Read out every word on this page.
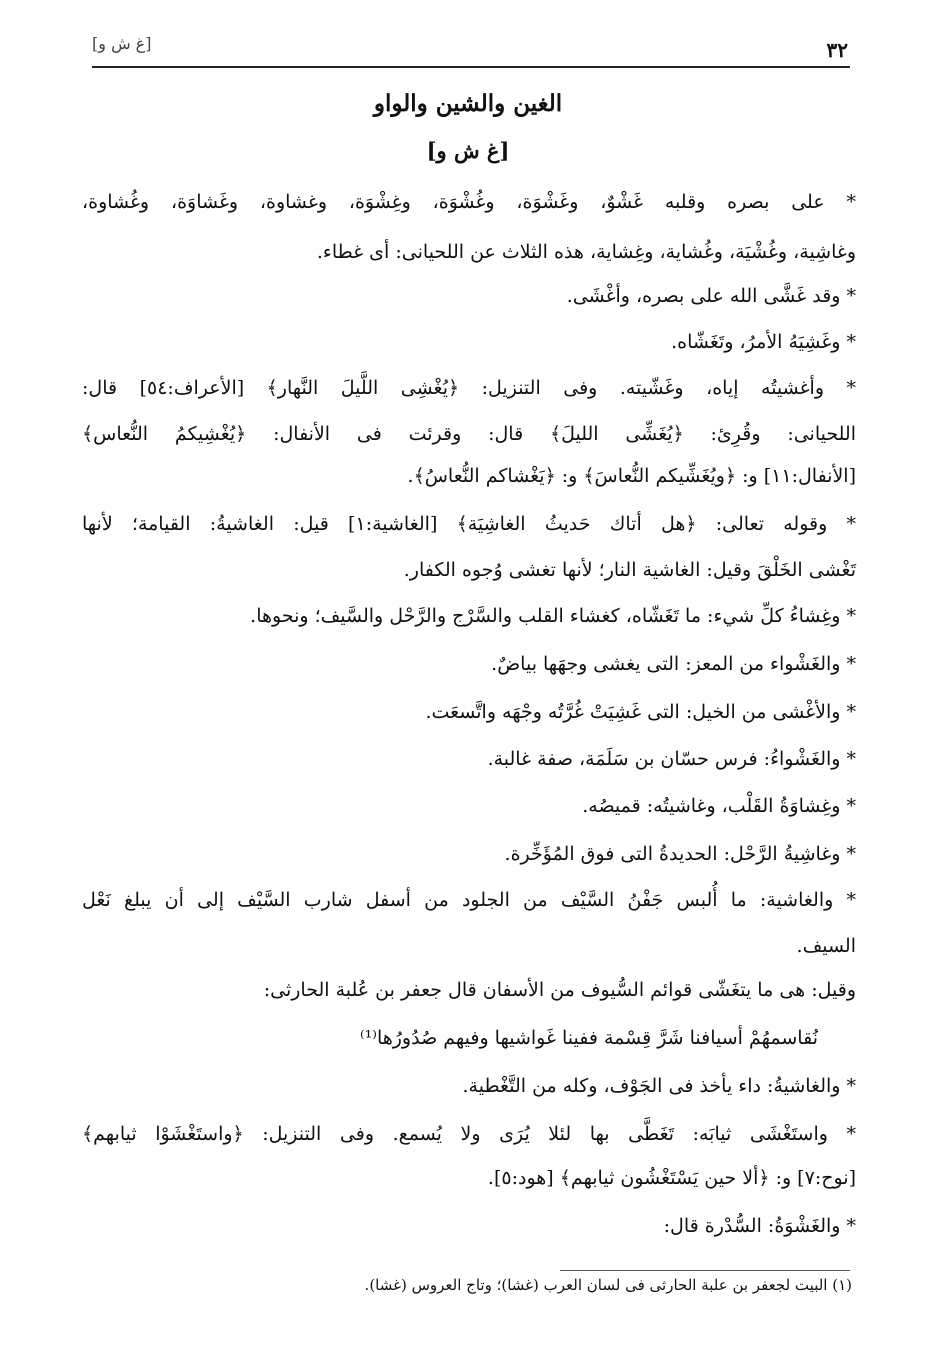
[غ ش و]	٣٢
الغين والشين والواو
[غ ش و]
* على بصره وقلبه غَشْوٌ، وغَشْوَة، وغُشْوَة، وغِشْوَة، وغشاوة، وغَشاوَة، وغُشاوة،
وغاشِية، وغُشْيَة، وغُشاية، وغِشاية، هذه الثلاث عن اللحيانى: أى غطاء.
* وقد غَشَّى الله على بصره، وأغْشَى.
* وغَشِيَهُ الأمرُ، وتَغَشّاه.
* وأغشيتُه إياه، وغَشّيته. وفى التنزيل: ﴿يُغْشِى اللَّيلَ النَّهار﴾ [الأعراف:٥٤] قال:
اللحيانى: وقُرِئ: ﴿يُغَشِّى الليلَ﴾ قال: وقرئت فى الأنفال: ﴿يُغْشِيكمُ النُّعاس﴾
[الأنفال:١١] و: ﴿ويُغَشِّيكم النُّعاسَ﴾ و: ﴿يَغْشاكم النُّعاسُ﴾.
* وقوله تعالى: ﴿هل أتاك حَديثُ الغاشِيَة﴾ [الغاشية:١] قيل: الغاشيةُ: القيامة؛ لأنها
تَغْشى الخَلْقَ وقيل: الغاشية النار؛ لأنها تغشى وُجوه الكفار.
* وغِشاءُ كلِّ شيء: ما تَغَشّاه، كغشاء القلب والسَّرْج والرَّحْل والسَّيف؛ ونحوها.
* والغَشْواء من المعز: التى يغشى وجهَها بياضٌ.
* والأغْشى من الخيل: التى غَشِيَتْ غُرَّتُه وجْهَه واتَّسعَت.
* والغَشْواءُ: فرس حسّان بن سَلَمَة، صفة غالبة.
* وغِشاوَةُ القَلْب، وغاشيتُه: قميصُه.
* وغاشِيةُ الرَّحْل: الحديدةُ التى فوق المُؤَخِّرة.
* والغاشية: ما أُلبس جَفْنُ السَّيْف من الجلود من أسفل شارب السَّيْف إلى أن يبلغ نَعْل
السيف.
وقيل: هى ما يتغَشّى قوائم السُّيوف من الأسفان قال جعفر بن عُلبة الحارثى:
نُقاسمهُمْ أسيافنا شَرَّ قِسْمة ففينا غَواشيها وفيهم صُدُورُها⁽¹⁾
* والغاشيةُ: داء يأخذ فى الجَوْف، وكله من التَّغْطية.
* واستَغْشَى ثيابَه: تَغَطَّى بها لئلا يُرَى ولا يُسمع. وفى التنزيل: ﴿واستَغْشَوْا ثيابهم﴾
[نوح:٧] و: ﴿ألا حين يَسْتَغْشُون ثيابهم﴾ [هود:٥].
* والغَشْوَةُ: السُّدْرة قال:
(١) البيت لجعفر بن علبة الحارثى فى لسان العرب (غشا)؛ وتاج العروس (غشا).
